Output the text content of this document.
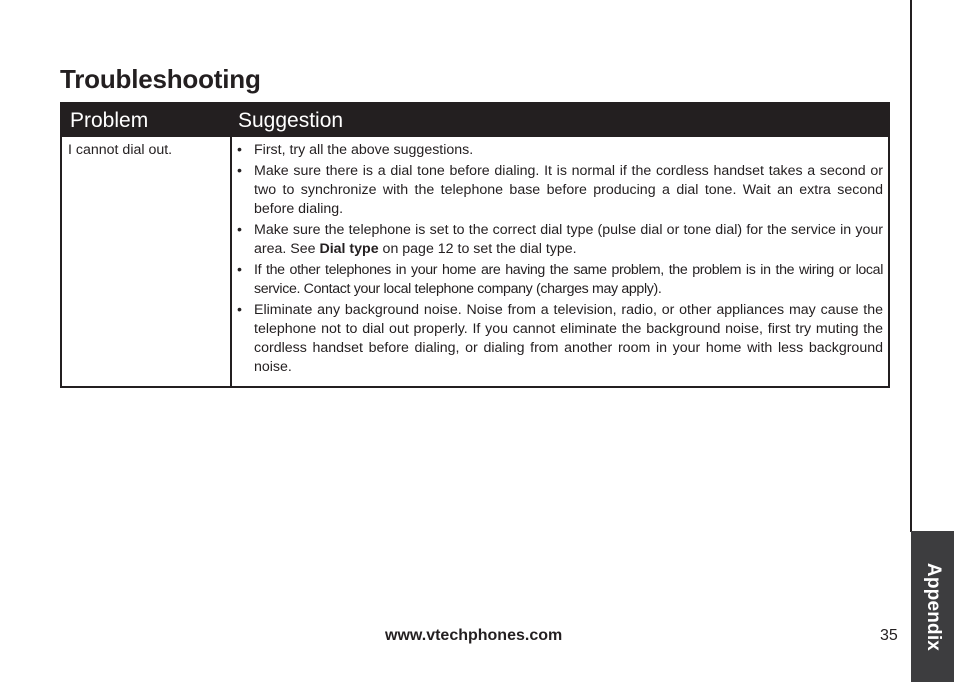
Appendix
Troubleshooting
Problem	Suggestion
I cannot dial out.
•	First, try all the above suggestions.
• Make sure there is a dial tone before dialing. It is normal if the cordless handset takes a second or two to synchronize with the telephone base before producing a dial tone. Wait an extra second before dialing.
• Make sure the telephone is set to the correct dial type (pulse dial or tone dial) for the service in your area. See Dial type on page 12 to set the dial type.
• If the other telephones in your home are having the same problem, the problem is in the wiring or local service. Contact your local telephone company (charges may apply).
• Eliminate any background noise. Noise from a television, radio, or other appliances may cause the telephone not to dial out properly. If you cannot eliminate the background noise, first try muting the cordless handset before dialing, or dialing from another room in your home with less background noise.
www.vtechphones.com	35
